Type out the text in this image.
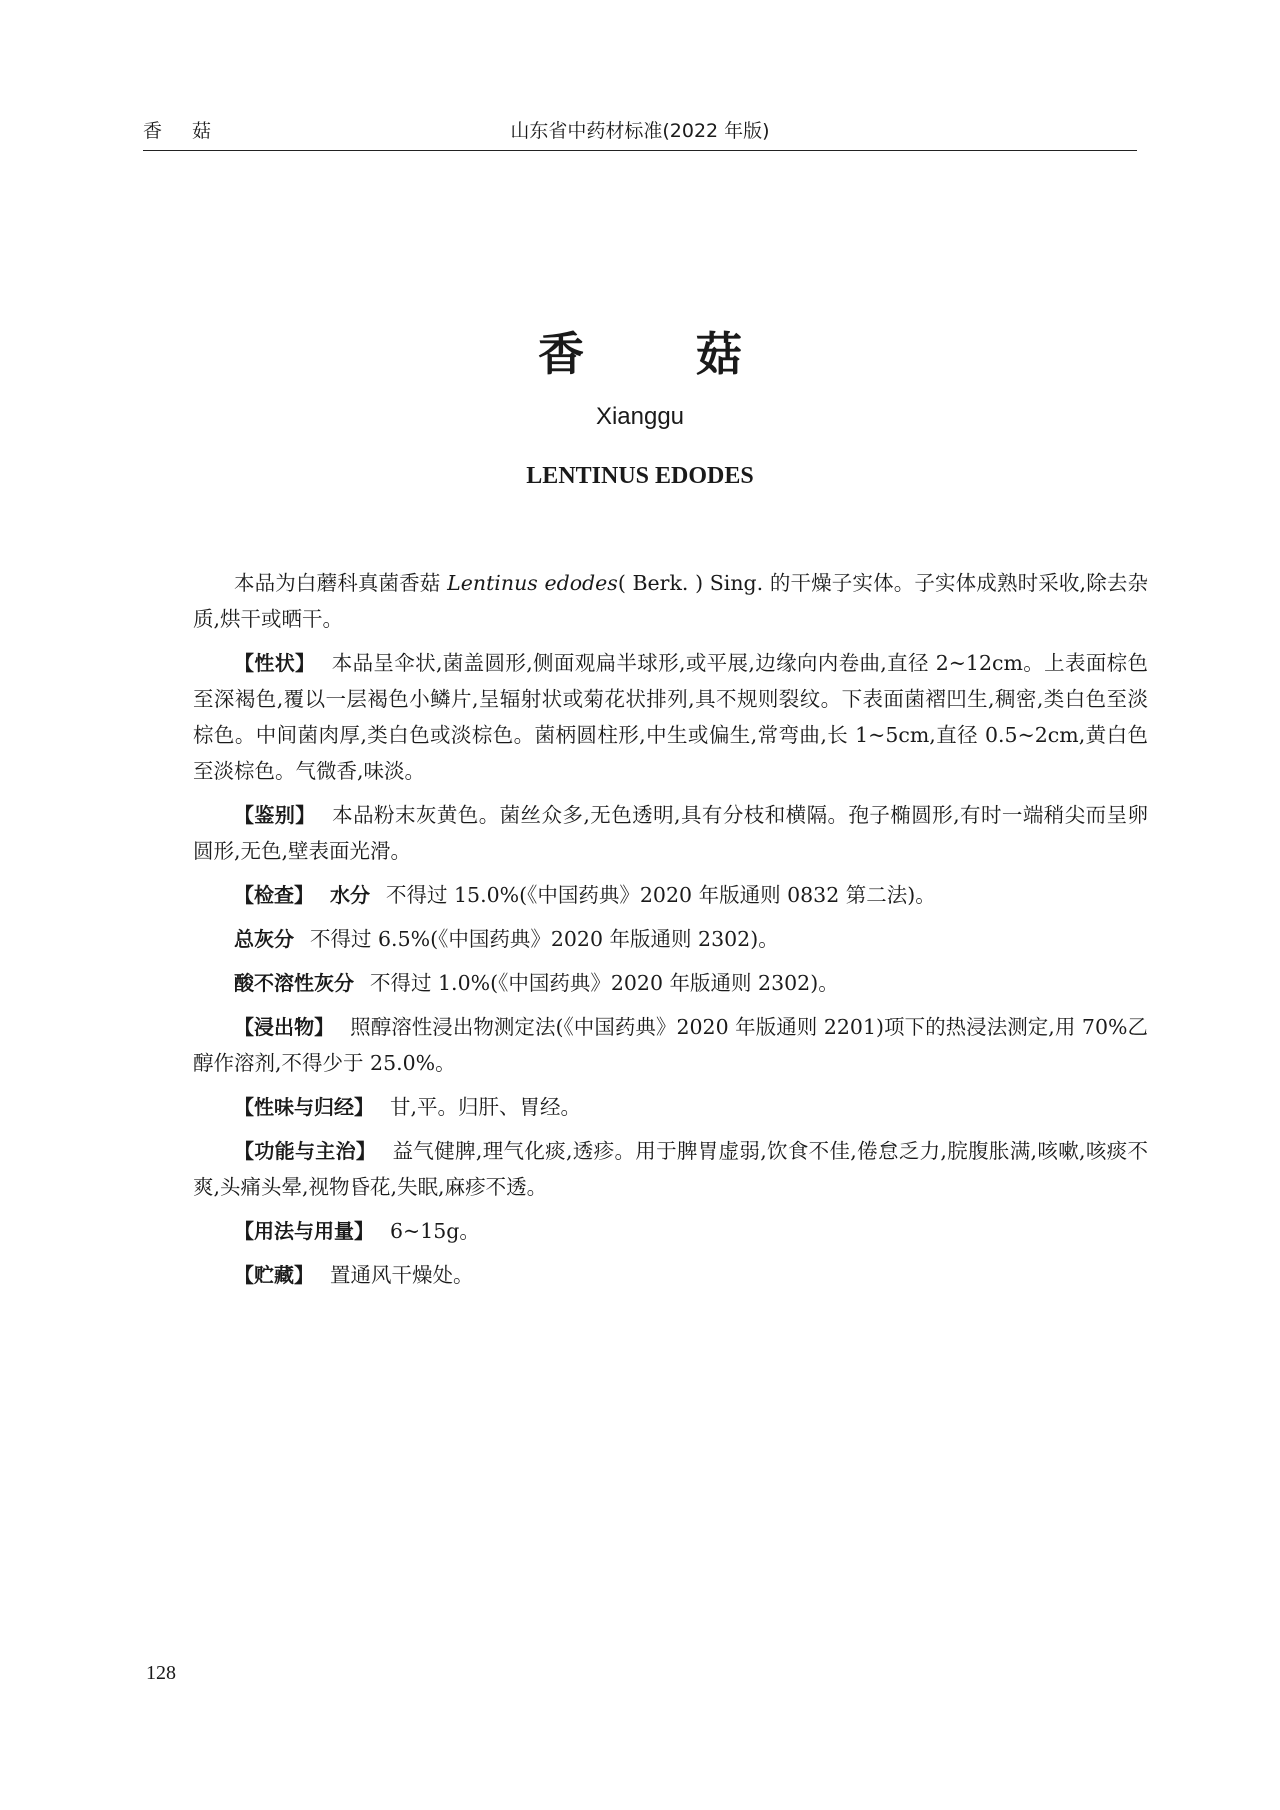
香 菇	山东省中药材标准(2022 年版)
香 菇
Xianggu
LENTINUS EDODES

本品为白蘑科真菌香菇 Lentinus edodes( Berk. ) Sing. 的干燥子实体。子实体成熟时采收,除去杂质,烘干或晒干。

【性状】 本品呈伞状,菌盖圆形,侧面观扁半球形,或平展,边缘向内卷曲,直径 2~12cm。上表面棕色至深褐色,覆以一层褐色小鳞片,呈辐射状或菊花状排列,具不规则裂纹。下表面菌褶凹生,稠密,类白色至淡棕色。中间菌肉厚,类白色或淡棕色。菌柄圆柱形,中生或偏生,常弯曲,长 1~5cm,直径 0.5~2cm,黄白色至淡棕色。气微香,味淡。

【鉴别】 本品粉末灰黄色。菌丝众多,无色透明,具有分枝和横隔。孢子椭圆形,有时一端稍尖而呈卵圆形,无色,壁表面光滑。

【检查】 水分 不得过 15.0%(《中国药典》2020 年版通则 0832 第二法)。

总灰分 不得过 6.5%(《中国药典》2020 年版通则 2302)。

酸不溶性灰分 不得过 1.0%(《中国药典》2020 年版通则 2302)。

【浸出物】 照醇溶性浸出物测定法(《中国药典》2020 年版通则 2201)项下的热浸法测定,用 70%乙醇作溶剂,不得少于 25.0%。

【性味与归经】 甘,平。归肝、胃经。

【功能与主治】 益气健脾,理气化痰,透疹。用于脾胃虚弱,饮食不佳,倦怠乏力,脘腹胀满,咳嗽,咳痰不爽,头痛头晕,视物昏花,失眠,麻疹不透。

【用法与用量】 6~15g。

【贮藏】 置通风干燥处。

128
